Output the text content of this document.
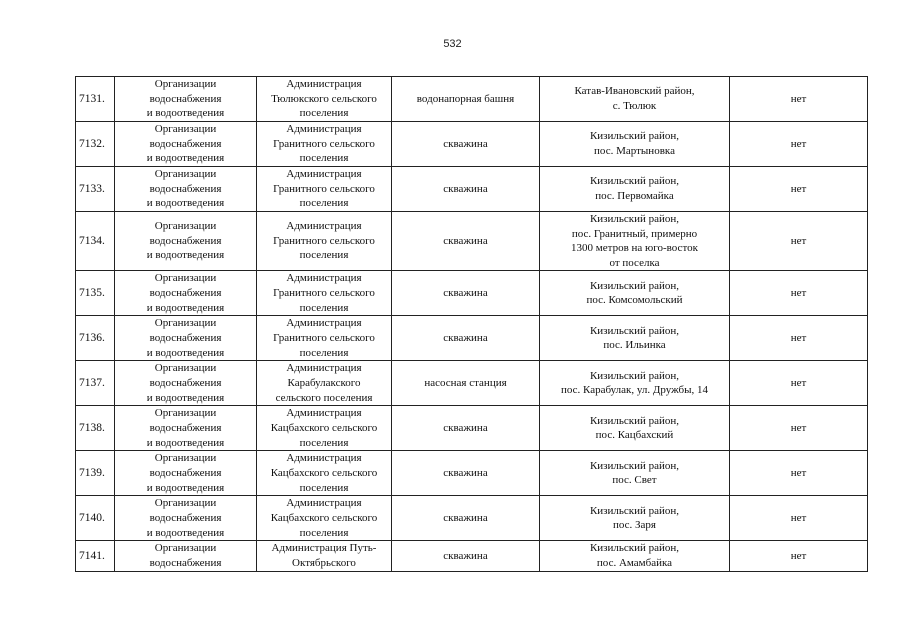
532
7131.	Организации
водоснабжения
и водоотведения	Администрация
Тюлюкского сельского
поселения	водонапорная башня	Катав-Ивановский район,
с. Тюлюк	нет
7132.	Организации
водоснабжения
и водоотведения	Администрация
Гранитного сельского
поселения	скважина	Кизильский район,
пос. Мартыновка	нет
7133.	Организации
водоснабжения
и водоотведения	Администрация
Гранитного сельского
поселения	скважина	Кизильский район,
пос. Первомайка	нет
7134.	Организации
водоснабжения
и водоотведения	Администрация
Гранитного сельского
поселения	скважина	Кизильский район,
пос. Гранитный, примерно
1300 метров на юго-восток
от поселка	нет
7135.	Организации
водоснабжения
и водоотведения	Администрация
Гранитного сельского
поселения	скважина	Кизильский район,
пос. Комсомольский	нет
7136.	Организации
водоснабжения
и водоотведения	Администрация
Гранитного сельского
поселения	скважина	Кизильский район,
пос. Ильинка	нет
7137.	Организации
водоснабжения
и водоотведения	Администрация
Карабулакского
сельского поселения	насосная станция	Кизильский район,
пос. Карабулак, ул. Дружбы, 14	нет
7138.	Организации
водоснабжения
и водоотведения	Администрация
Кацбахского сельского
поселения	скважина	Кизильский район,
пос. Кацбахский	нет
7139.	Организации
водоснабжения
и водоотведения	Администрация
Кацбахского сельского
поселения	скважина	Кизильский район,
пос. Свет	нет
7140.	Организации
водоснабжения
и водоотведения	Администрация
Кацбахского сельского
поселения	скважина	Кизильский район,
пос. Заря	нет
7141.	Организации
водоснабжения	Администрация Путь-
Октябрьского	скважина	Кизильский район,
пос. Амамбайка	нет
